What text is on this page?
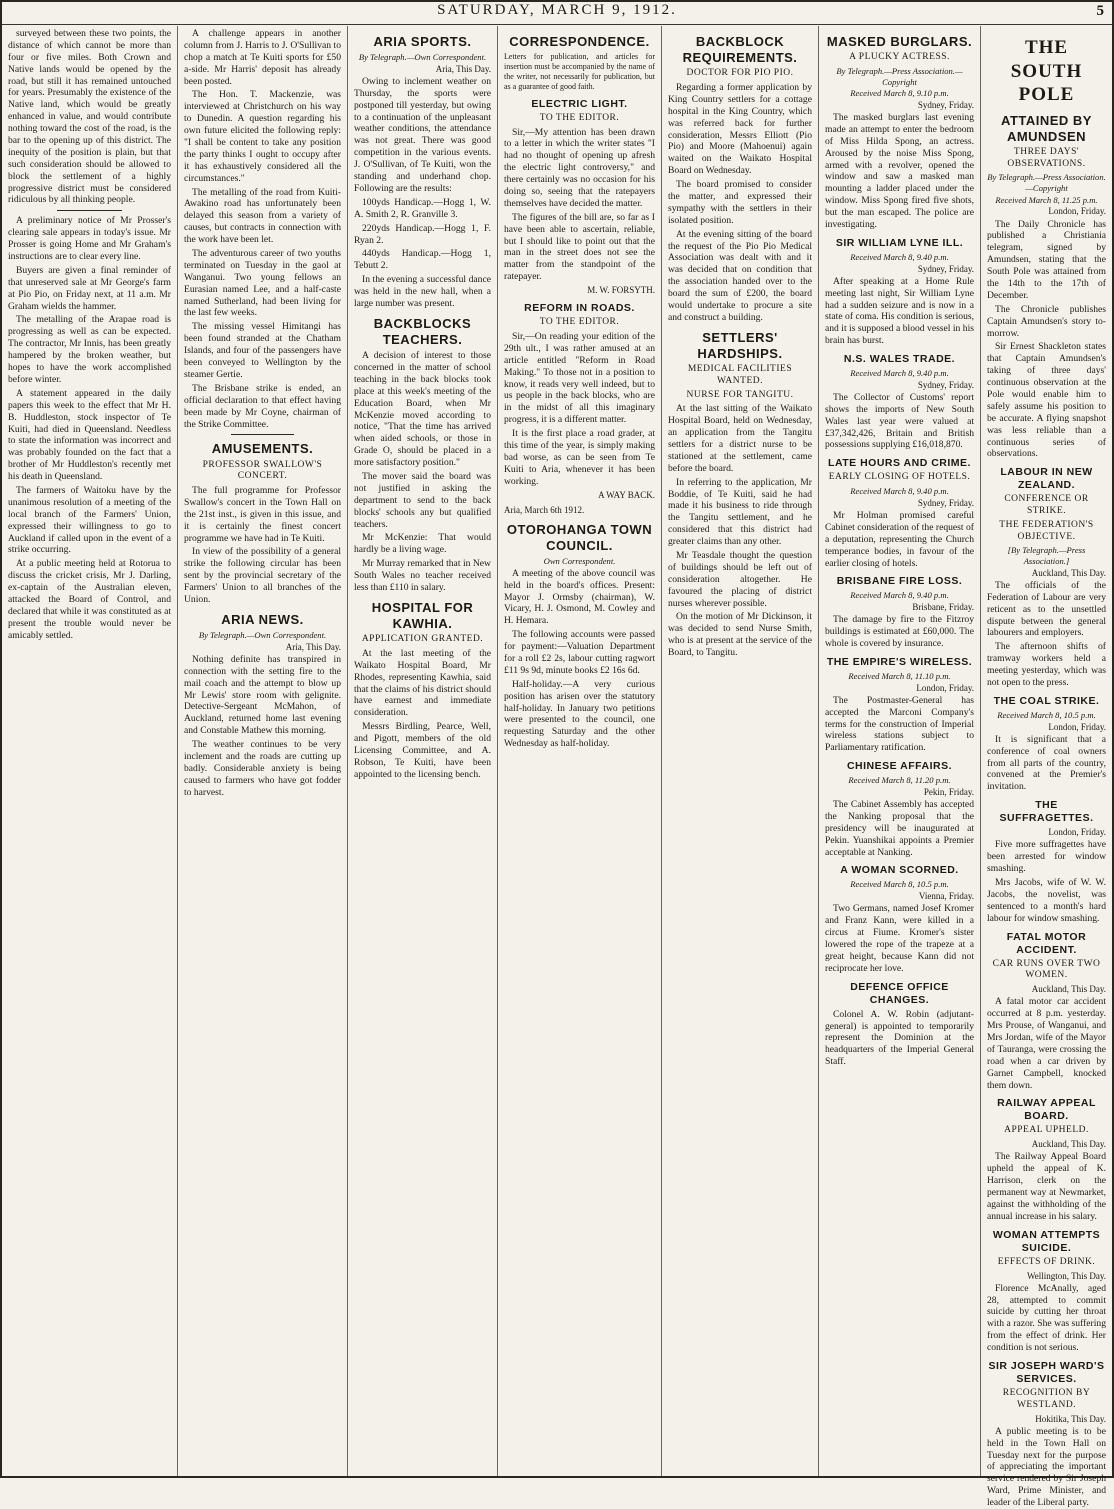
SATURDAY, MARCH 9, 1912.	5

surveyed between these two points, the distance of which cannot be more than four or five miles. Both Crown and Native lands would be opened by the road, but still it has remained untouched for years. Presumably the existence of the Native land, which would be greatly enhanced in value, and would contribute nothing toward the cost of the road, is the bar to the opening up of this district. The inequity of the position is plain, but that such consideration should be allowed to block the settlement of a highly progressive district must be considered ridiculous by all thinking people.

A preliminary notice of Mr Prosser's clearing sale appears in today's issue. Mr Prosser is going Home and Mr Graham's instructions are to clear every line.

Buyers are given a final reminder of that unreserved sale at Mr George's farm at Pio Pio, on Friday next, at 11 a.m. Mr Graham wields the hammer.

The metalling of the Arapae road is progressing as well as can be expected. The contractor, Mr Innis, has been greatly hampered by the broken weather, but hopes to have the work accomplished before winter.

A statement appeared in the daily papers this week to the effect that Mr H. B. Huddleston, stock inspector of Te Kuiti, had died in Queensland. Needless to state the information was incorrect and was probably founded on the fact that a brother of Mr Huddleston's recently met his death in Queensland.

The farmers of Waitoku have by the unanimous resolution of a meeting of the local branch of the Farmers' Union, expressed their willingness to go to Auckland if called upon in the event of a strike occurring.

At a public meeting held at Rotorua to discuss the cricket crisis, Mr J. Darling, ex-captain of the Australian eleven, attacked the Board of Control, and declared that while it was constituted as at present the trouble would never be amicably settled.

A challenge appears in another column from J. Harris to J. O'Sullivan to chop a match at Te Kuiti sports for £50 a-side. Mr Harris' deposit has already been posted.

The Hon. T. Mackenzie, was interviewed at Christchurch on his way to Dunedin. A question regarding his own future elicited the following reply: "I shall be content to take any position the party thinks I ought to occupy after it has exhaustively considered all the circumstances."

The metalling of the road from Kuiti-Awakino road has unfortunately been delayed this season from a variety of causes, but contracts in connection with the work have been let.

The adventurous career of two youths terminated on Tuesday in the gaol at Wanganui. Two young fellows an Eurasian named Lee, and a half-caste named Sutherland, had been living for the last few weeks.

The missing vessel Himitangi has been found stranded at the Chatham Islands, and four of the passengers have been conveyed to Wellington by the steamer Gertie.

The Brisbane strike is ended, an official declaration to that effect having been made by Mr Coyne, chairman of the Strike Committee.

AMUSEMENTS.
PROFESSOR SWALLOW'S CONCERT.

The full programme for Professor Swallow's concert in the Town Hall on the 21st inst., is given in this issue, and it is certainly the finest concert programme we have had in Te Kuiti.

In view of the possibility of a general strike the following circular has been sent by the provincial secretary of the Farmers' Union to all branches of the Union.

ARIA NEWS.
By Telegraph.—Own Correspondent.
Aria, This Day.

Nothing definite has transpired in connection with the setting fire to the mail coach and the attempt to blow up Mr Lewis' store room with gelignite. Detective-Sergeant McMahon, of Auckland, returned home last evening and Constable Mathew this morning.

The weather continues to be very inclement and the roads are cutting up badly. Considerable anxiety is being caused to farmers who have got fodder to harvest.

ARIA SPORTS.
By Telegraph.—Own Correspondent.
Aria, This Day.

Owing to inclement weather on Thursday, the sports were postponed till yesterday, but owing to a continuation of the unpleasant weather conditions, the attendance was not great. There was good competition in the various events. J. O'Sullivan, of Te Kuiti, won the standing and underhand chop. Following are the results:

100yds Handicap.—Hogg 1, W. A. Smith 2, R. Granville 3.

220yds Handicap.—Hogg 1, F. Ryan 2.

440yds Handicap.—Hogg 1, Tebutt 2.

In the evening a successful dance was held in the new hall, when a large number was present.

BACKBLOCKS TEACHERS.

A decision of interest to those concerned in the matter of school teaching in the back blocks took place at this week's meeting of the Education Board, when Mr McKenzie moved according to notice, "That the time has arrived when aided schools, or those in Grade O, should be placed in a more satisfactory position."

The mover said the board was not justified in asking the department to send to the back blocks' schools any but qualified teachers.

Mr McKenzie: That would hardly be a living wage.

Mr Murray remarked that in New South Wales no teacher received less than £110 in salary.

HOSPITAL FOR KAWHIA.
APPLICATION GRANTED.

At the last meeting of the Waikato Hospital Board, Mr Rhodes, representing Kawhia, said that the claims of his district should have earnest and immediate consideration.

Messrs Birdling, Pearce, Well, and Pigott, members of the old Licensing Committee, and A. Robson, Te Kuiti, have been appointed to the licensing bench.

CORRESPONDENCE.

Letters for publication, and articles for insertion must be accompanied by the name of the writer, not necessarily for publication, but as a guarantee of good faith.

ELECTRIC LIGHT.
TO THE EDITOR.

Sir,—My attention has been drawn to a letter in which the writer states "I had no thought of opening up afresh the electric light controversy," and there certainly was no occasion for his doing so, seeing that the ratepayers themselves have decided the matter.

The figures of the bill are, so far as I have been able to ascertain, reliable, but I should like to point out that the man in the street does not see the matter from the standpoint of the ratepayer.

M. W. FORSYTH.
REFORM IN ROADS.
TO THE EDITOR.

Sir,—On reading your edition of the 29th ult., I was rather amused at an article entitled "Reform in Road Making." To those not in a position to know, it reads very well indeed, but to us people in the back blocks, who are in the midst of all this imaginary progress, it is a different matter.

It is the first place a road grader, at this time of the year, is simply making bad worse, as can be seen from Te Kuiti to Aria, whenever it has been working.

A WAY BACK.
Aria, March 6th 1912.
OTOROHANGA TOWN COUNCIL.
Own Correspondent.

A meeting of the above council was held in the board's offices. Present: Mayor J. Ormsby (chairman), W. Vicary, H. J. Osmond, M. Cowley and H. Hemara.

The following accounts were passed for payment:—Valuation Department for a roll £2 2s, labour cutting ragwort £11 9s 9d, minute books £2 16s 6d.

Half-holiday.—A very curious position has arisen over the statutory half-holiday. In January two petitions were presented to the council, one requesting Saturday and the other Wednesday as half-holiday.

BACKBLOCK REQUIREMENTS.
DOCTOR FOR PIO PIO.

Regarding a former application by King Country settlers for a cottage hospital in the King Country, which was referred back for further consideration, Messrs Elliott (Pio Pio) and Moore (Mahoenui) again waited on the Waikato Hospital Board on Wednesday.

The board promised to consider the matter, and expressed their sympathy with the settlers in their isolated position.

At the evening sitting of the board the request of the Pio Pio Medical Association was dealt with and it was decided that on condition that the association handed over to the board the sum of £200, the board would undertake to procure a site and construct a building.

SETTLERS' HARDSHIPS.
MEDICAL FACILITIES WANTED.
NURSE FOR TANGITU.

At the last sitting of the Waikato Hospital Board, held on Wednesday, an application from the Tangitu settlers for a district nurse to be stationed at the settlement, came before the board.

In referring to the application, Mr Boddie, of Te Kuiti, said he had made it his business to ride through the Tangitu settlement, and he considered that this district had greater claims than any other.

Mr Teasdale thought the question of buildings should be left out of consideration altogether. He favoured the placing of district nurses wherever possible.

On the motion of Mr Dickinson, it was decided to send Nurse Smith, who is at present at the service of the Board, to Tangitu.

MASKED BURGLARS.
A PLUCKY ACTRESS.
By Telegraph.—Press Association.—Copyright
Received March 8, 9.10 p.m.
Sydney, Friday.

The masked burglars last evening made an attempt to enter the bedroom of Miss Hilda Spong, an actress. Aroused by the noise Miss Spong, armed with a revolver, opened the window and saw a masked man mounting a ladder placed under the window. Miss Spong fired five shots, but the man escaped. The police are investigating.

SIR WILLIAM LYNE ILL.
Received March 8, 9.40 p.m.
Sydney, Friday.

After speaking at a Home Rule meeting last night, Sir William Lyne had a sudden seizure and is now in a state of coma. His condition is serious, and it is supposed a blood vessel in his brain has burst.

N.S. WALES TRADE.
Received March 8, 9.40 p.m.
Sydney, Friday.

The Collector of Customs' report shows the imports of New South Wales last year were valued at £37,342,426, Britain and British possessions supplying £16,018,870.

LATE HOURS AND CRIME.
EARLY CLOSING OF HOTELS.
Received March 8, 9.40 p.m.
Sydney, Friday.

Mr Holman promised careful Cabinet consideration of the request of a deputation, representing the Church temperance bodies, in favour of the earlier closing of hotels.

BRISBANE FIRE LOSS.
Received March 8, 9.40 p.m.
Brisbane, Friday.

The damage by fire to the Fitzroy buildings is estimated at £60,000. The whole is covered by insurance.

THE EMPIRE'S WIRELESS.
Received March 8, 11.10 p.m.
London, Friday.

The Postmaster-General has accepted the Marconi Company's terms for the construction of Imperial wireless stations subject to Parliamentary ratification.

CHINESE AFFAIRS.
Received March 8, 11.20 p.m.
Pekin, Friday.

The Cabinet Assembly has accepted the Nanking proposal that the presidency will be inaugurated at Pekin. Yuanshikai appoints a Premier acceptable at Nanking.

A WOMAN SCORNED.
Received March 8, 10.5 p.m.
Vienna, Friday.

Two Germans, named Josef Kromer and Franz Kann, were killed in a circus at Fiume. Kromer's sister lowered the rope of the trapeze at a great height, because Kann did not reciprocate her love.

DEFENCE OFFICE CHANGES.

Colonel A. W. Robin (adjutant-general) is appointed to temporarily represent the Dominion at the headquarters of the Imperial General Staff.

THE SOUTH POLE
ATTAINED BY AMUNDSEN
THREE DAYS' OBSERVATIONS.
By Telegraph.—Press Association.—Copyright
Received March 8, 11.25 p.m.
London, Friday.

The Daily Chronicle has published a Christiania telegram, signed by Amundsen, stating that the South Pole was attained from the 14th to the 17th of December.

The Chronicle publishes Captain Amundsen's story to-morrow.

Sir Ernest Shackleton states that Captain Amundsen's taking of three days' continuous observation at the Pole would enable him to safely assume his position to be accurate. A flying snapshot was less reliable than a continuous series of observations.

LABOUR IN NEW ZEALAND.
CONFERENCE OR STRIKE.
THE FEDERATION'S OBJECTIVE.
[By Telegraph.—Press Association.]
Auckland, This Day.

The officials of the Federation of Labour are very reticent as to the unsettled dispute between the general labourers and employers.

The afternoon shifts of tramway workers held a meeting yesterday, which was not open to the press.

THE COAL STRIKE.
Received March 8, 10.5 p.m.
London, Friday.

It is significant that a conference of coal owners from all parts of the country, convened at the Premier's invitation.

THE SUFFRAGETTES.
London, Friday.

Five more suffragettes have been arrested for window smashing.

Mrs Jacobs, wife of W. W. Jacobs, the novelist, was sentenced to a month's hard labour for window smashing.

FATAL MOTOR ACCIDENT.
CAR RUNS OVER TWO WOMEN.
Auckland, This Day.

A fatal motor car accident occurred at 8 p.m. yesterday. Mrs Prouse, of Wanganui, and Mrs Jordan, wife of the Mayor of Tauranga, were crossing the road when a car driven by Garnet Campbell, knocked them down.

RAILWAY APPEAL BOARD.
APPEAL UPHELD.
Auckland, This Day.

The Railway Appeal Board upheld the appeal of K. Harrison, clerk on the permanent way at Newmarket, against the withholding of the annual increase in his salary.

WOMAN ATTEMPTS SUICIDE.
EFFECTS OF DRINK.
Wellington, This Day.

Florence McAnally, aged 28, attempted to commit suicide by cutting her throat with a razor. She was suffering from the effect of drink. Her condition is not serious.

SIR JOSEPH WARD'S SERVICES.
RECOGNITION BY WESTLAND.
Hokitika, This Day.

A public meeting is to be held in the Town Hall on Tuesday next for the purpose of appreciating the important service rendered by Sir Joseph Ward, Prime Minister, and leader of the Liberal party.
